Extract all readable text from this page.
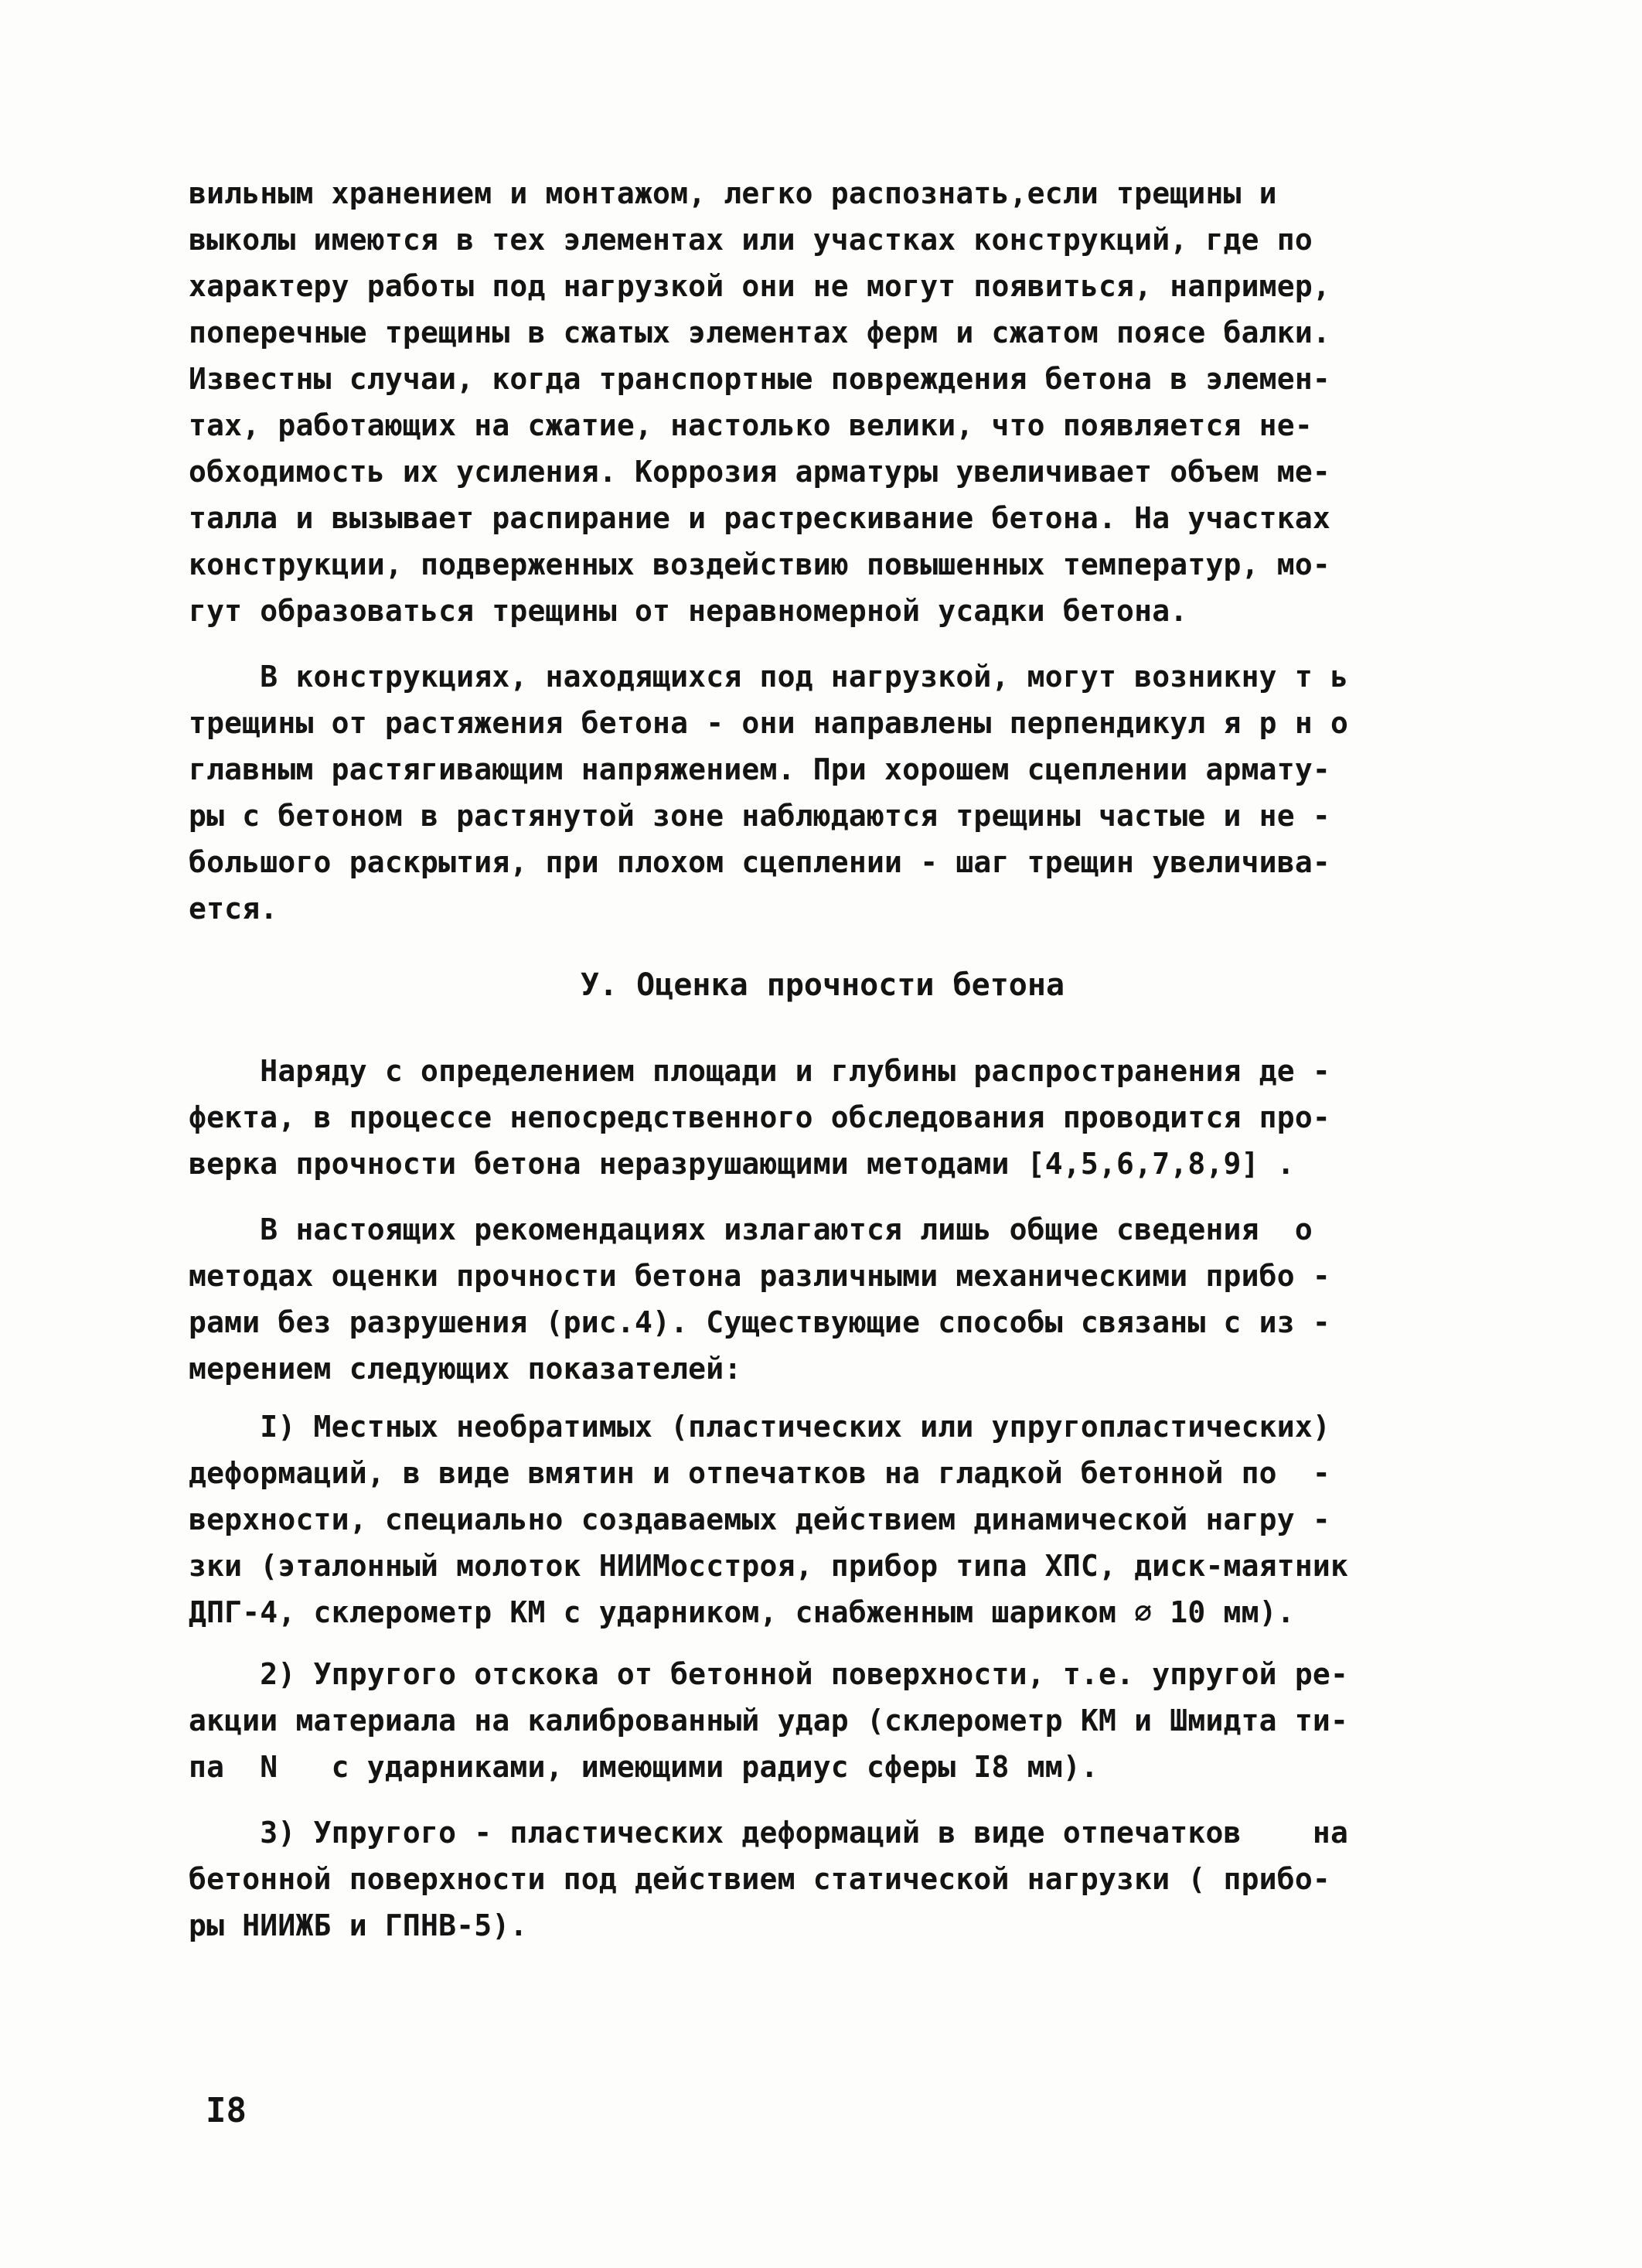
вильным хранением и монтажом, легко распознать,если трещины и
выколы имеются в тех элементах или участках конструкций, где по
характеру работы под нагрузкой они не могут появиться, например,
поперечные трещины в сжатых элементах ферм и сжатом поясе балки.
Известны случаи, когда транспортные повреждения бетона в элемен-
тах, работающих на сжатие, настолько велики, что появляется не-
обходимость их усиления. Коррозия арматуры увеличивает объем ме-
талла и вызывает распирание и растрескивание бетона. На участках
конструкции, подверженных воздействию повышенных температур, мо-
гут образоваться трещины от неравномерной усадки бетона.
В конструкциях, находящихся под нагрузкой, могут возникну т ь
трещины от растяжения бетона - они направлены перпендикул я р н о
главным растягивающим напряжением. При хорошем сцеплении армату-
ры с бетоном в растянутой зоне наблюдаются трещины частые и не -
большого раскрытия, при плохом сцеплении - шаг трещин увеличива-
ется.
У. Оценка прочности бетона
Наряду с определением площади и глубины распространения де -
фекта, в процессе непосредственного обследования проводится про-
верка прочности бетона неразрушающими методами [4,5,6,7,8,9] .
В настоящих рекомендациях излагаются лишь общие сведения  о
методах оценки прочности бетона различными механическими прибо -
рами без разрушения (рис.4). Существующие способы связаны с из -
мерением следующих показателей:
I) Местных необратимых (пластических или упругопластических)
деформаций, в виде вмятин и отпечатков на гладкой бетонной по  -
верхности, специально создаваемых действием динамической нагру -
зки (эталонный молоток НИИМосстроя, прибор типа ХПС, диск-маятник
ДПГ-4, склерометр КМ с ударником, снабженным шариком ∅ 10 мм).
2) Упругого отскока от бетонной поверхности, т.е. упругой ре-
акции материала на калиброванный удар (склерометр КМ и Шмидта ти-
па  N   с ударниками, имеющими радиус сферы I8 мм).
3) Упругого - пластических деформаций в виде отпечатков    на
бетонной поверхности под действием статической нагрузки ( прибо-
ры НИИЖБ и ГПНВ-5).
I8
